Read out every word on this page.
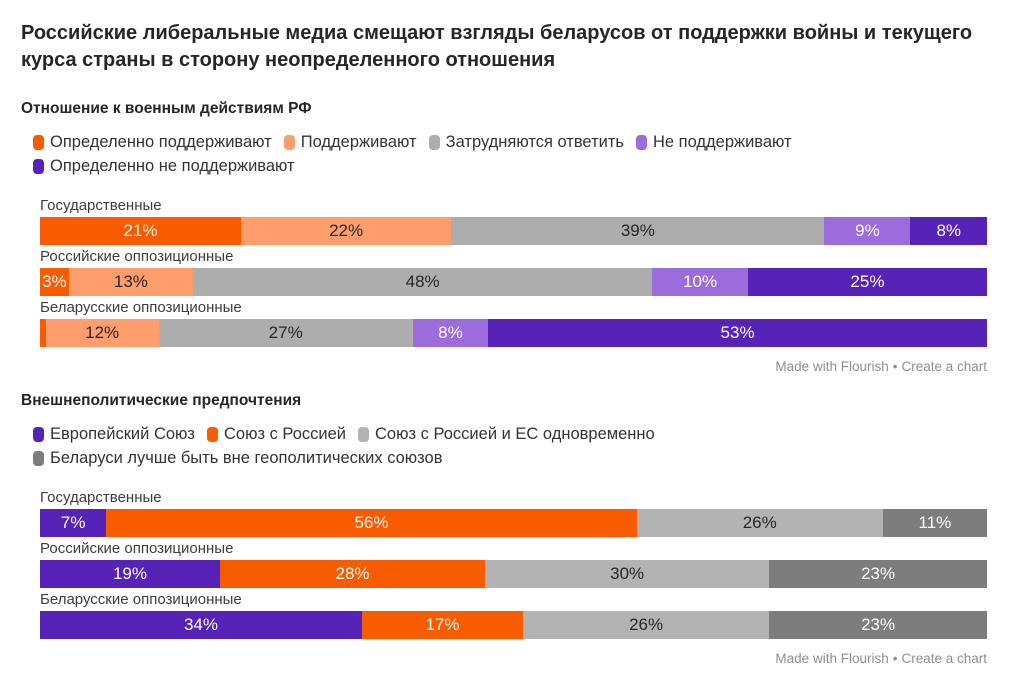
Российские либеральные медиа смещают взгляды беларусов от поддержки войны и текущего курса страны в сторону неопределенного отношения
Отношение к военным действиям РФ
Определенно поддерживают Поддерживают Затрудняются ответить Не поддерживают
Определенно не поддерживают
Государственные
21%	22%	39%	9%	8%
Российские оппозиционные
3%	13%	48%	10%	25%
Беларусские оппозиционные
12%	27%	8%	53%
Made with Flourish • Create a chart
Внешнеполитические предпочтения
Европейский Союз Союз с Россией Союз с Россией и ЕС одновременно
Беларуси лучше быть вне геополитических союзов
Государственные
7%	56%	26%	11%
Российские оппозиционные
19%	28%	30%	23%
Беларусские оппозиционные
34%	17%	26%	23%
Made with Flourish • Create a chart
